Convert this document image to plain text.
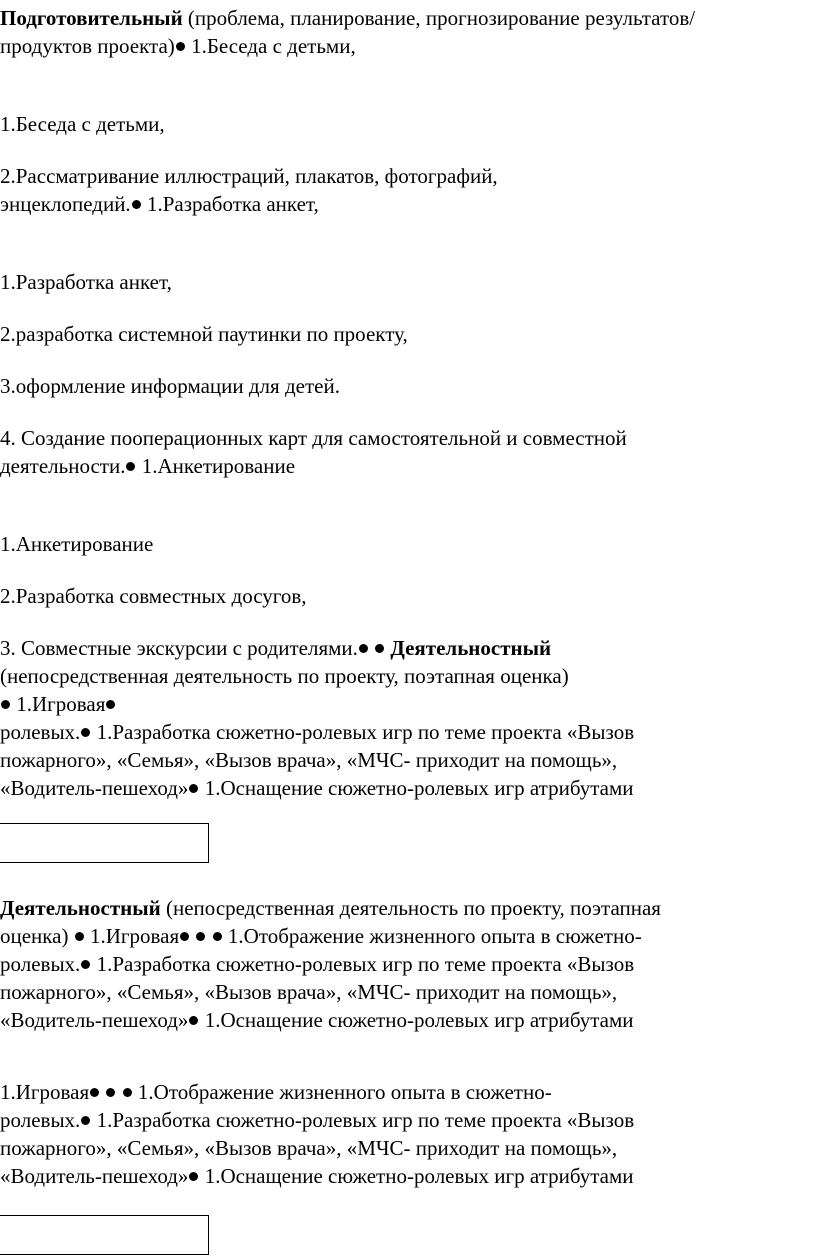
Подготовительный (проблема, планирование, прогнозирование результатов/
продуктов проекта) 1.Беседа с детьми,
1.Беседа с детьми,
2.Рассматривание иллюстраций, плакатов, фотографий,
энцеклопедий. 1.Разработка анкет,
1.Разработка анкет,
2.разработка системной паутинки по проекту,
3.оформление информации для детей.
4. Создание пооперационных карт для самостоятельной и совместной
деятельности. 1.Анкетирование
1.Анкетирование
2.Разработка совместных досугов,
3. Совместные экскурсии с родителями. Деятельностный
(непосредственная деятельность по проекту, поэтапная оценка)
1.Игровая
ролевых. 1.Разработка сюжетно-ролевых игр по теме проекта «Вызов
пожарного», «Семья», «Вызов врача», «МЧС- приходит на помощь»,
«Водитель-пешеход» 1.Оснащение сюжетно-ролевых игр атрибутами
Деятельностный (непосредственная деятельность по проекту, поэтапная
оценка)  1.Игровая   1.Отображение жизненного опыта в сюжетно-
ролевых. 1.Разработка сюжетно-ролевых игр по теме проекта «Вызов
пожарного», «Семья», «Вызов врача», «МЧС- приходит на помощь»,
«Водитель-пешеход» 1.Оснащение сюжетно-ролевых игр атрибутами
1.Игровая   1.Отображение жизненного опыта в сюжетно-
ролевых. 1.Разработка сюжетно-ролевых игр по теме проекта «Вызов
пожарного», «Семья», «Вызов врача», «МЧС- приходит на помощь»,
«Водитель-пешеход» 1.Оснащение сюжетно-ролевых игр атрибутами
